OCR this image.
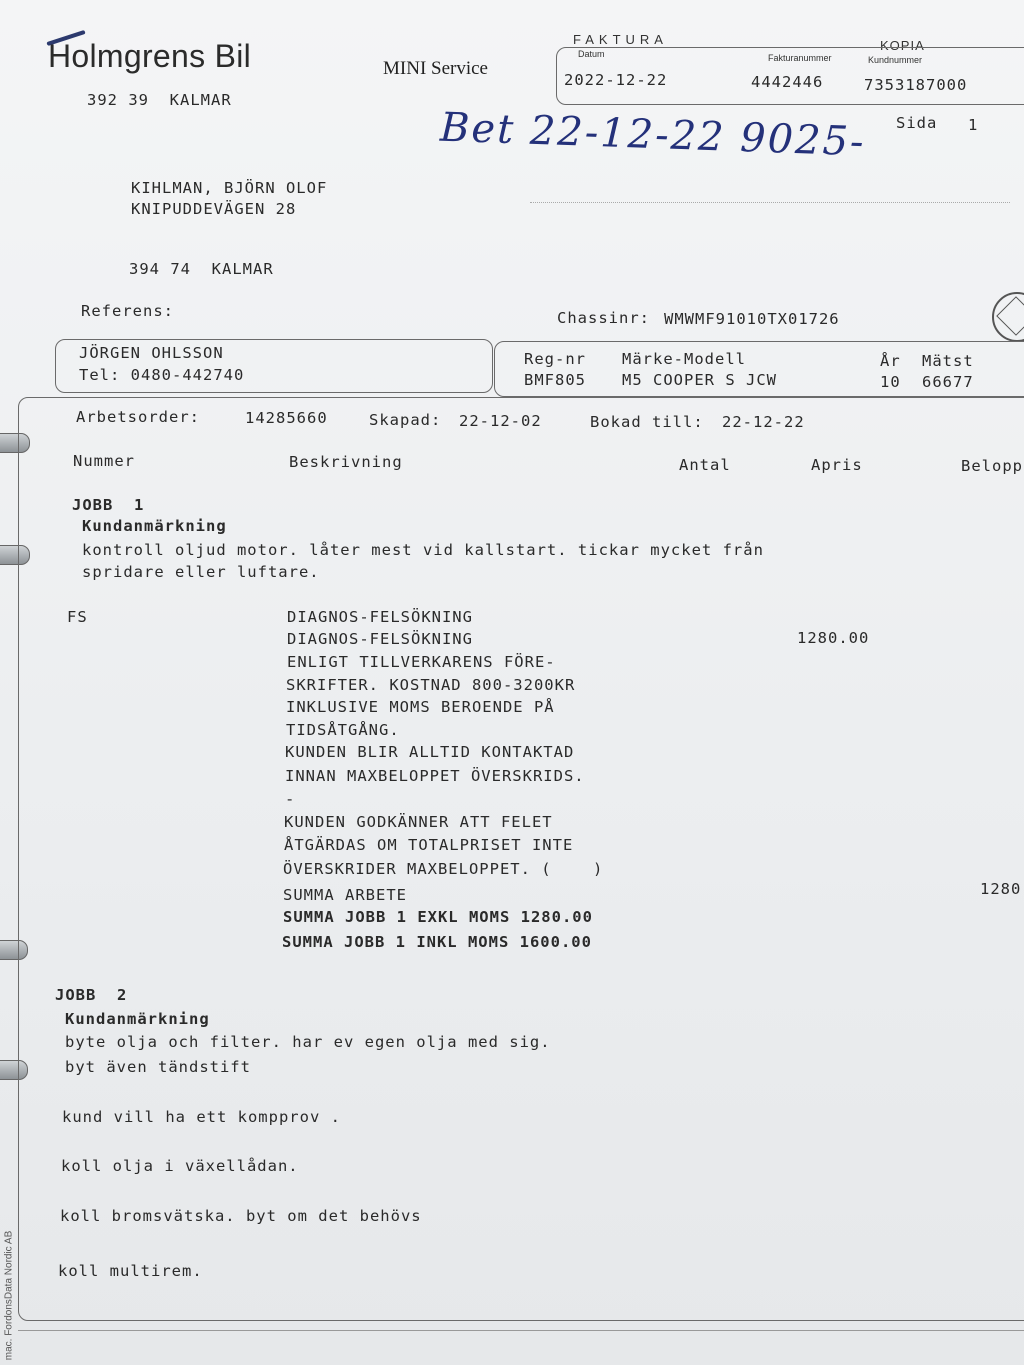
Holmgrens Bil	MINI Service
392 39  KALMAR
FAKTURA	KOPIA
Datum	Fakturanummer	Kundnummer
2022-12-22	4442446	7353187000
Bet 22-12-22 9025- Sida 1
KIHLMAN, BJÖRN OLOF
KNIPUDDEVÄGEN 28
394 74  KALMAR
Referens:	Chassinr: WMWMF91010TX01726
JÖRGEN OHLSSON
Tel: 0480-442740
Reg-nr Märke-Modell	År Mätst
BMF805 M5 COOPER S JCW	10 66677
Arbetsorder:	14285660	Skapad: 22-12-02	Bokad till: 22-12-22
Nummer	Beskrivning	Antal	Apris	Belopp
JOBB  1
Kundanmärkning
kontroll oljud motor. låter mest vid kallstart. tickar mycket från
spridare eller luftare.
FS	DIAGNOS-FELSÖKNING
DIAGNOS-FELSÖKNING	1280.00
ENLIGT TILLVERKARENS FÖRE-
SKRIFTER. KOSTNAD 800-3200KR
INKLUSIVE MOMS BEROENDE PÅ
TIDSÅTGÅNG.
KUNDEN BLIR ALLTID KONTAKTAD
INNAN MAXBELOPPET ÖVERSKRIDS.
-
KUNDEN GODKÄNNER ATT FELET
ÅTGÄRDAS OM TOTALPRISET INTE
ÖVERSKRIDER MAXBELOPPET. (    )
SUMMA ARBETE	1280
SUMMA JOBB 1 EXKL MOMS 1280.00
SUMMA JOBB 1 INKL MOMS 1600.00
JOBB  2
Kundanmärkning
byte olja och filter. har ev egen olja med sig.
byt även tändstift
kund vill ha ett kompprov .
koll olja i växellådan.
koll bromsvätska. byt om det behövs
koll multirem.
mac. FordonsData Nordic AB
